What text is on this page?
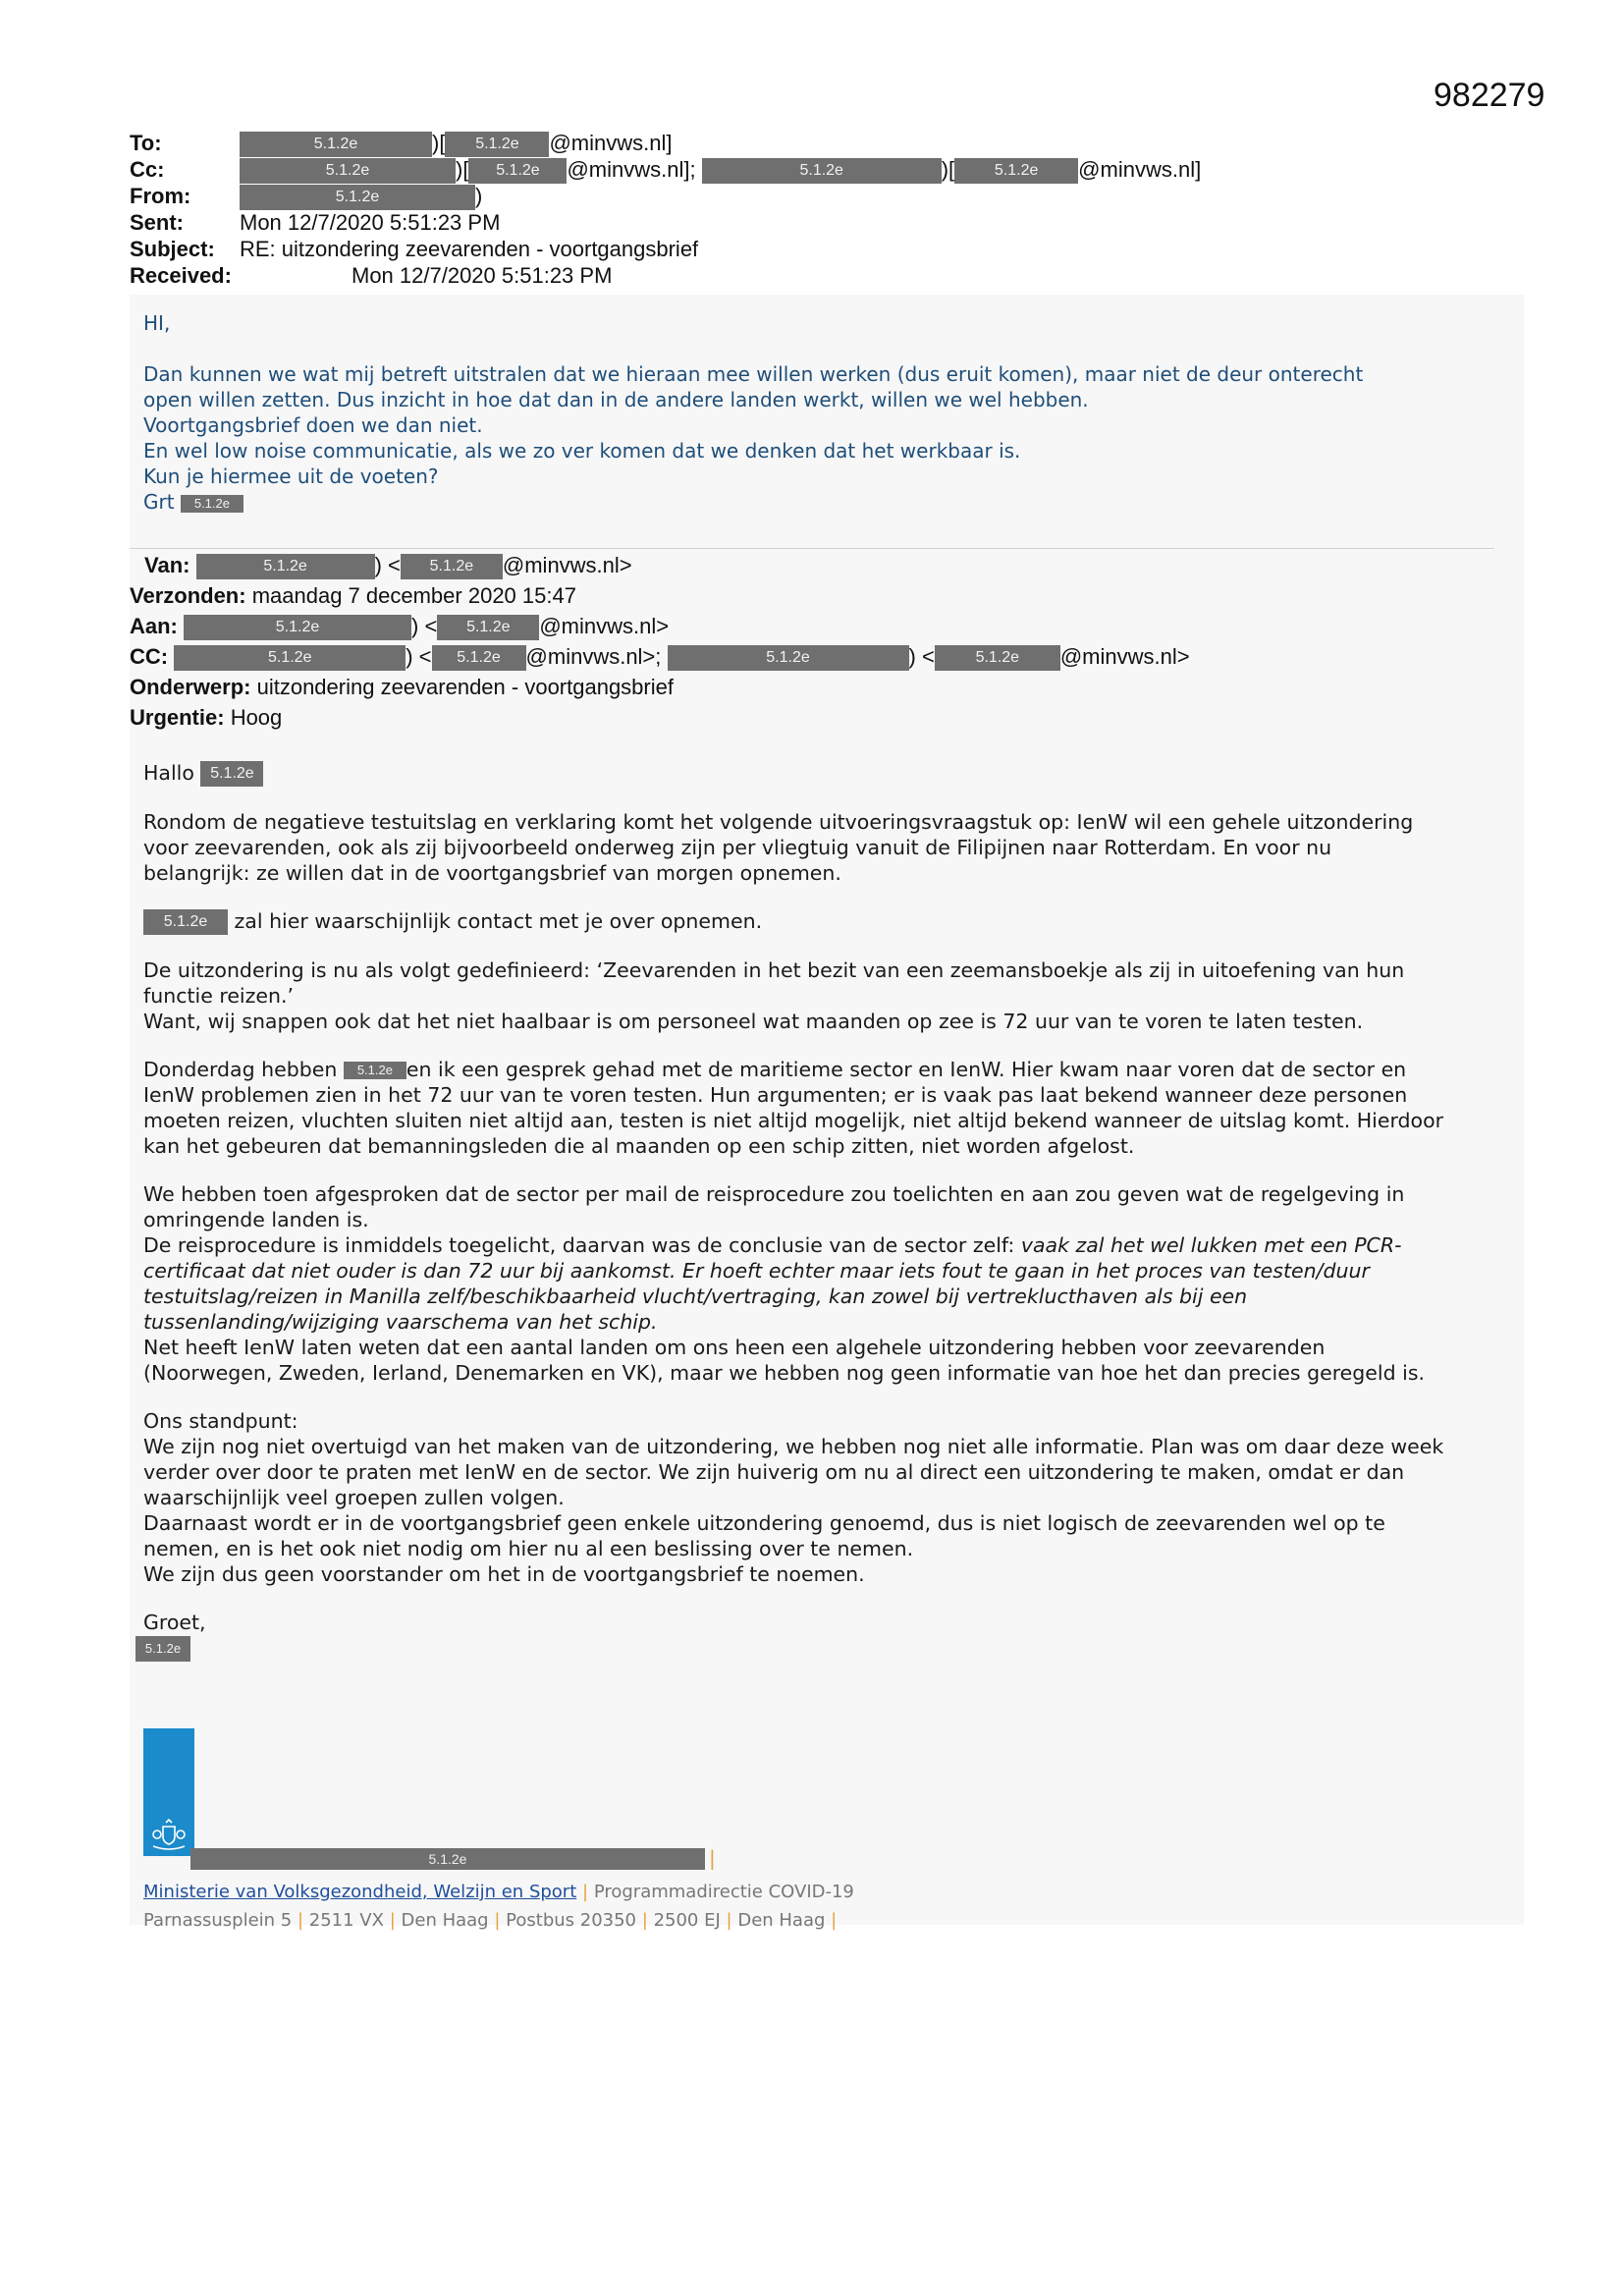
982279
To:	5.1.2e	)[ 5.1.2e @minvws.nl]
Cc:	5.1.2e	)[ 5.1.2e @minvws.nl];	5.1.2e	)[	5.1.2e @minvws.nl]
From:	5.1.2e	)
Sent:	Mon 12/7/2020 5:51:23 PM
Subject: RE: uitzondering zeevarenden - voortgangsbrief
Received:	Mon 12/7/2020 5:51:23 PM

HI,

Dan kunnen we wat mij betreft uitstralen dat we hieraan mee willen werken (dus eruit komen), maar niet de deur onterecht

open willen zetten. Dus inzicht in hoe dat dan in de andere landen werkt, willen we wel hebben.

Voortgangsbrief doen we dan niet.

En wel low noise communicatie, als we zo ver komen dat we denken dat het werkbaar is.

Kun je hiermee uit de voeten?

Grt 5.1.2e

Van:	5.1.2e	) < 5.1.2e @minvws.nl>
Verzonden: maandag 7 december 2020 15:47
Aan:	5.1.2e	) < 5.1.2e @minvws.nl>
CC:	5.1.2e	) < 5.1.2e @minvws.nl>;	5.1.2e	) <	5.1.2e @minvws.nl>
Onderwerp: uitzondering zeevarenden - voortgangsbrief
Urgentie: Hoog

Hallo 5.1.2e

Rondom de negatieve testuitslag en verklaring komt het volgende uitvoeringsvraagstuk op: IenW wil een gehele uitzondering
voor zeevarenden, ook als zij bijvoorbeeld onderweg zijn per vliegtuig vanuit de Filipijnen naar Rotterdam. En voor nu
belangrijk: ze willen dat in de voortgangsbrief van morgen opnemen.

5.1.2e zal hier waarschijnlijk contact met je over opnemen.

De uitzondering is nu als volgt gedefinieerd: ‘Zeevarenden in het bezit van een zeemansboekje als zij in uitoefening van hun
functie reizen.’
Want, wij snappen ook dat het niet haalbaar is om personeel wat maanden op zee is 72 uur van te voren te laten testen.

Donderdag hebben 5.1.2e en ik een gesprek gehad met de maritieme sector en IenW. Hier kwam naar voren dat de sector en
IenW problemen zien in het 72 uur van te voren testen. Hun argumenten; er is vaak pas laat bekend wanneer deze personen
moeten reizen, vluchten sluiten niet altijd aan, testen is niet altijd mogelijk, niet altijd bekend wanneer de uitslag komt. Hierdoor
kan het gebeuren dat bemanningsleden die al maanden op een schip zitten, niet worden afgelost.

We hebben toen afgesproken dat de sector per mail de reisprocedure zou toelichten en aan zou geven wat de regelgeving in
omringende landen is.
De reisprocedure is inmiddels toegelicht, daarvan was de conclusie van de sector zelf: vaak zal het wel lukken met een PCR-
certificaat dat niet ouder is dan 72 uur bij aankomst. Er hoeft echter maar iets fout te gaan in het proces van testen/duur
testuitslag/reizen in Manilla zelf/beschikbaarheid vlucht/vertraging, kan zowel bij vertreklucthaven als bij een
tussenlanding/wijziging vaarschema van het schip.
Net heeft IenW laten weten dat een aantal landen om ons heen een algehele uitzondering hebben voor zeevarenden
(Noorwegen, Zweden, Ierland, Denemarken en VK), maar we hebben nog geen informatie van hoe het dan precies geregeld is.

Ons standpunt:
We zijn nog niet overtuigd van het maken van de uitzondering, we hebben nog niet alle informatie. Plan was om daar deze week
verder over door te praten met IenW en de sector. We zijn huiverig om nu al direct een uitzondering te maken, omdat er dan
waarschijnlijk veel groepen zullen volgen.
Daarnaast wordt er in de voortgangsbrief geen enkele uitzondering genoemd, dus is niet logisch de zeevarenden wel op te
nemen, en is het ook niet nodig om hier nu al een beslissing over te nemen.
We zijn dus geen voorstander om het in de voortgangsbrief te noemen.

Groet,
5.1.2e

5.1.2e	|
Ministerie van Volksgezondheid, Welzijn en Sport | Programmadirectie COVID-19
Parnassusplein 5 | 2511 VX | Den Haag | Postbus 20350 | 2500 EJ | Den Haag |
